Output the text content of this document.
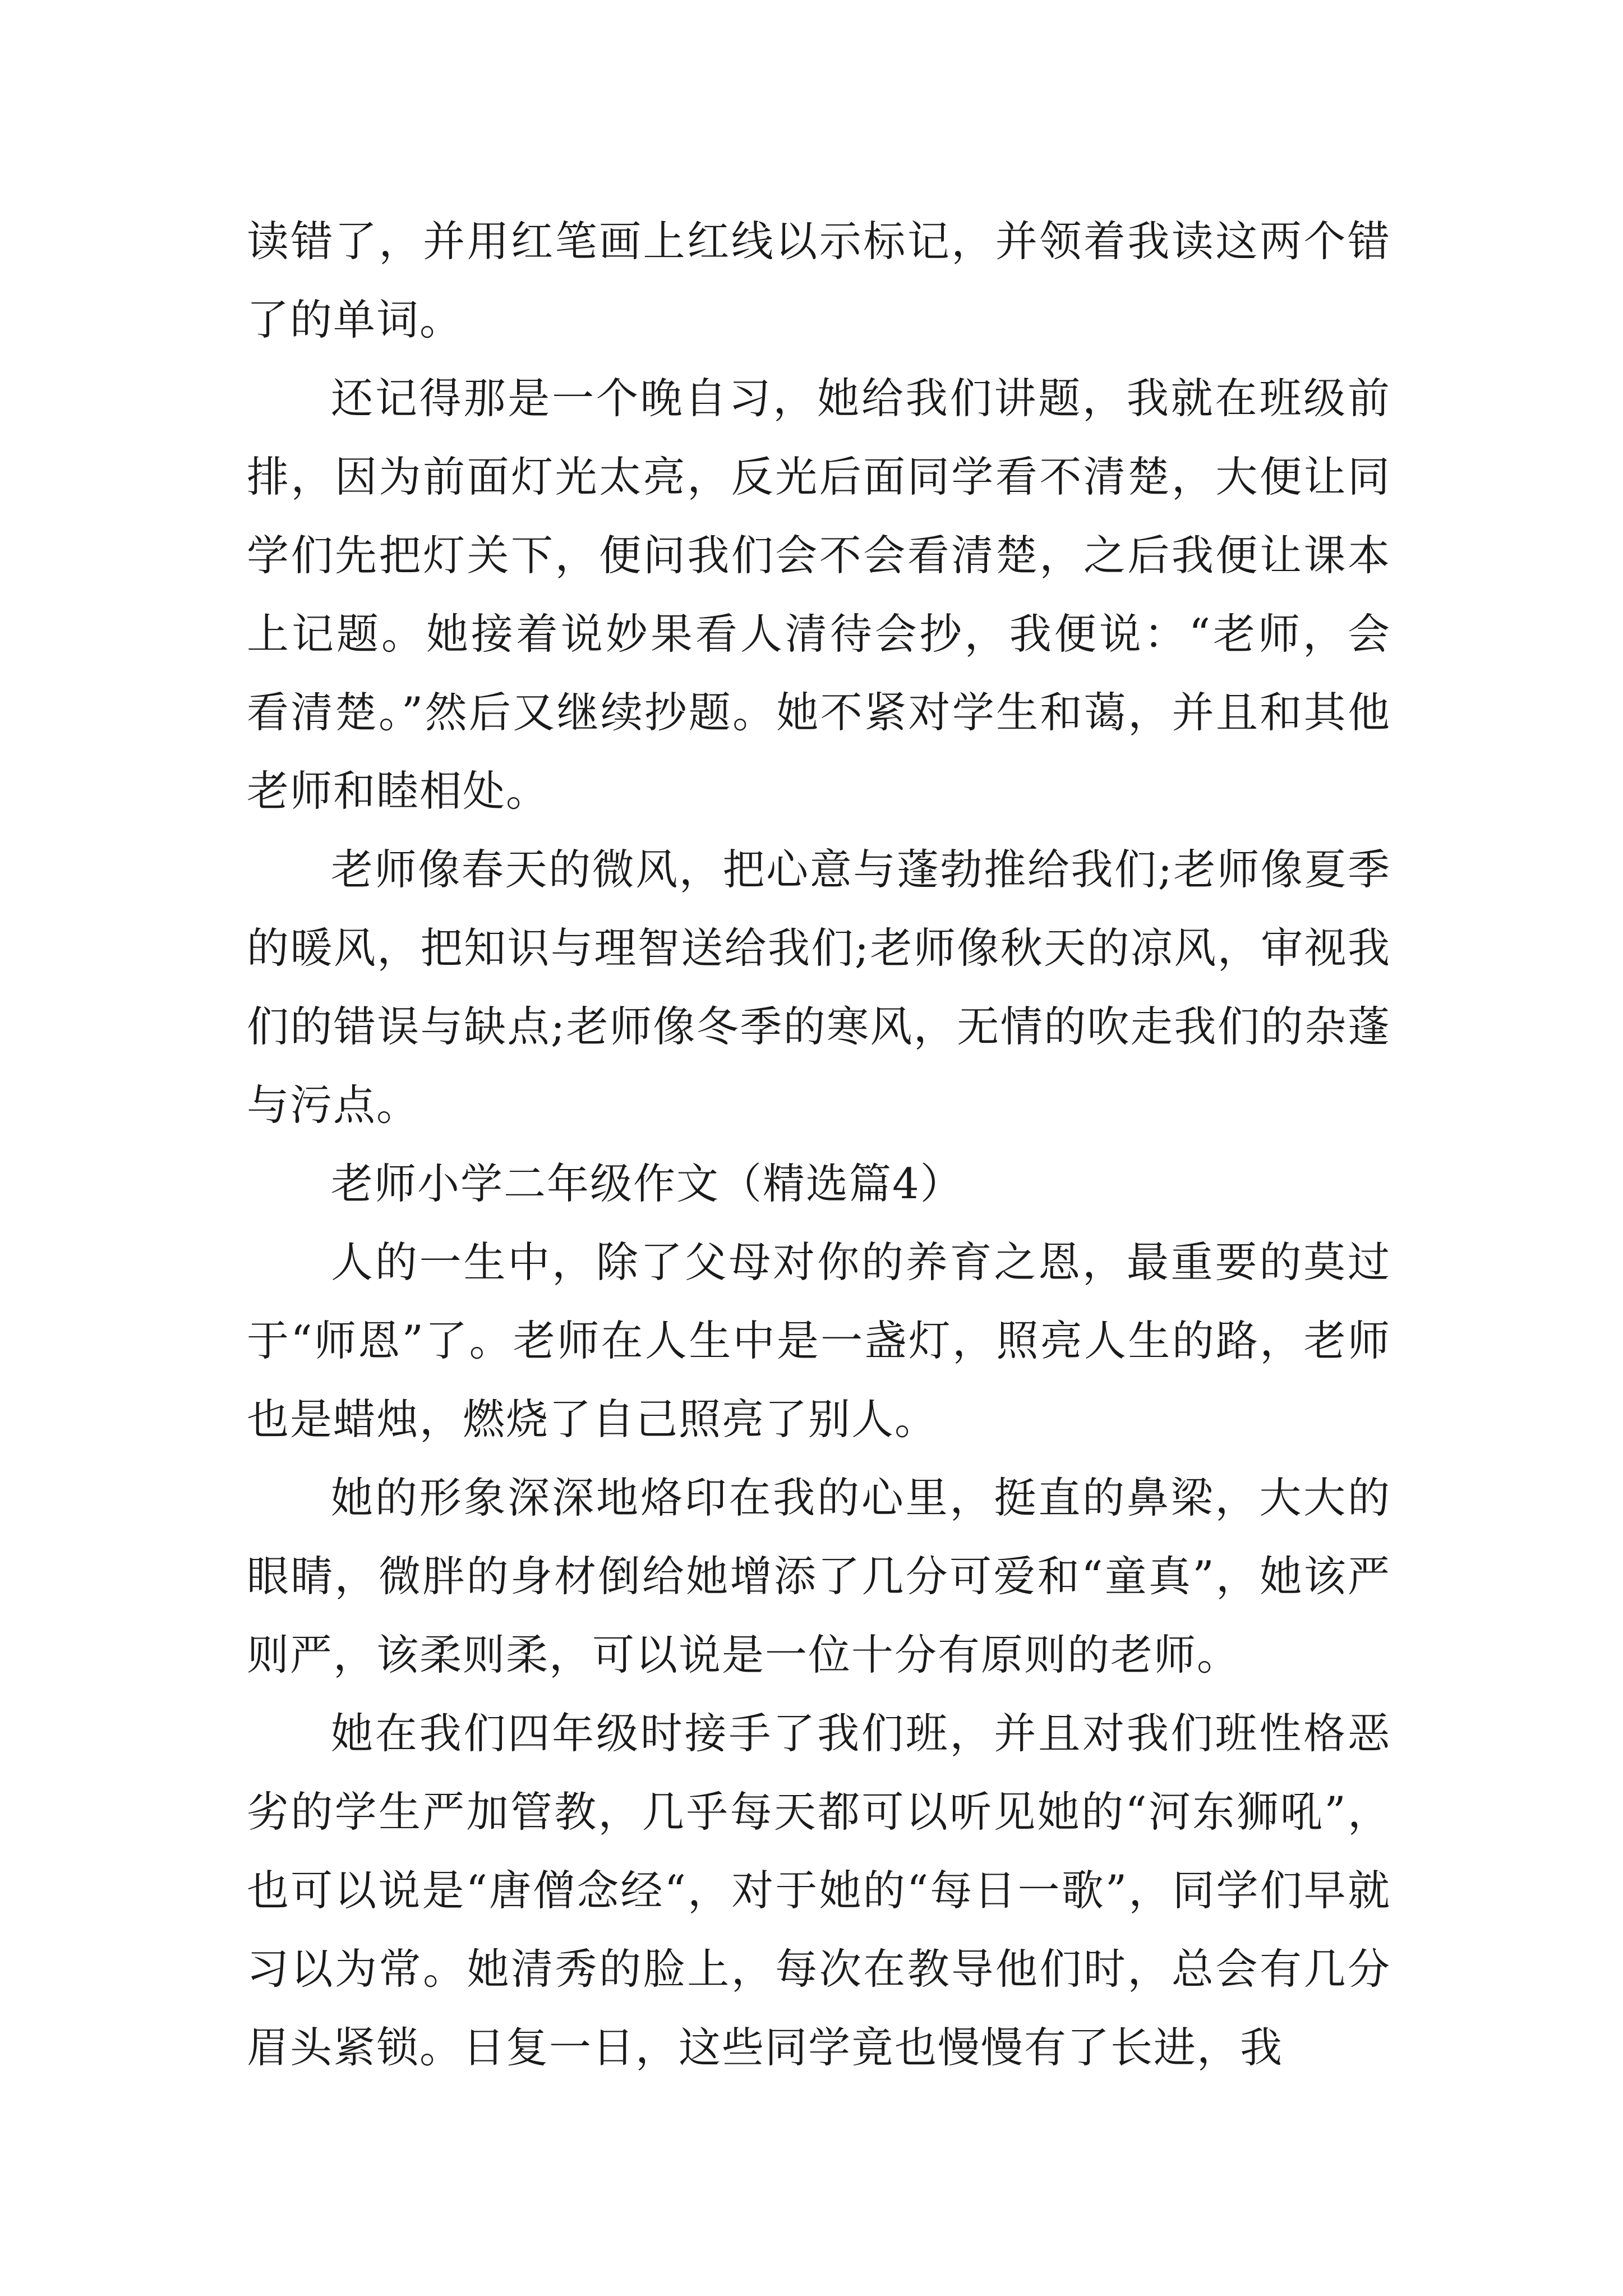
读错了，并用红笔画上红线以示标记，并领着我读这两个错了的单词。

还记得那是一个晚自习，她给我们讲题，我就在班级前排，因为前面灯光太亮，反光后面同学看不清楚，大便让同学们先把灯关下，便问我们会不会看清楚，之后我便让课本上记题。她接着说妙果看人清待会抄，我便说：“老师，会看清楚。”然后又继续抄题。她不紧对学生和蔼，并且和其他老师和睦相处。

老师像春天的微风，把心意与蓬勃推给我们;老师像夏季的暖风，把知识与理智送给我们;老师像秋天的凉风，审视我们的错误与缺点;老师像冬季的寒风，无情的吹走我们的杂蓬与污点。

老师小学二年级作文（精选篇4）

人的一生中，除了父母对你的养育之恩，最重要的莫过于“师恩”了。老师在人生中是一盏灯，照亮人生的路，老师也是蜡烛，燃烧了自己照亮了别人。

她的形象深深地烙印在我的心里，挺直的鼻梁，大大的眼睛，微胖的身材倒给她增添了几分可爱和“童真”，她该严则严，该柔则柔，可以说是一位十分有原则的老师。

她在我们四年级时接手了我们班，并且对我们班性格恶劣的学生严加管教，几乎每天都可以听见她的“河东狮吼”，也可以说是“唐僧念经“，对于她的“每日一歌”，同学们早就习以为常。她清秀的脸上，每次在教导他们时，总会有几分眉头紧锁。日复一日，这些同学竟也慢慢有了长进，我
